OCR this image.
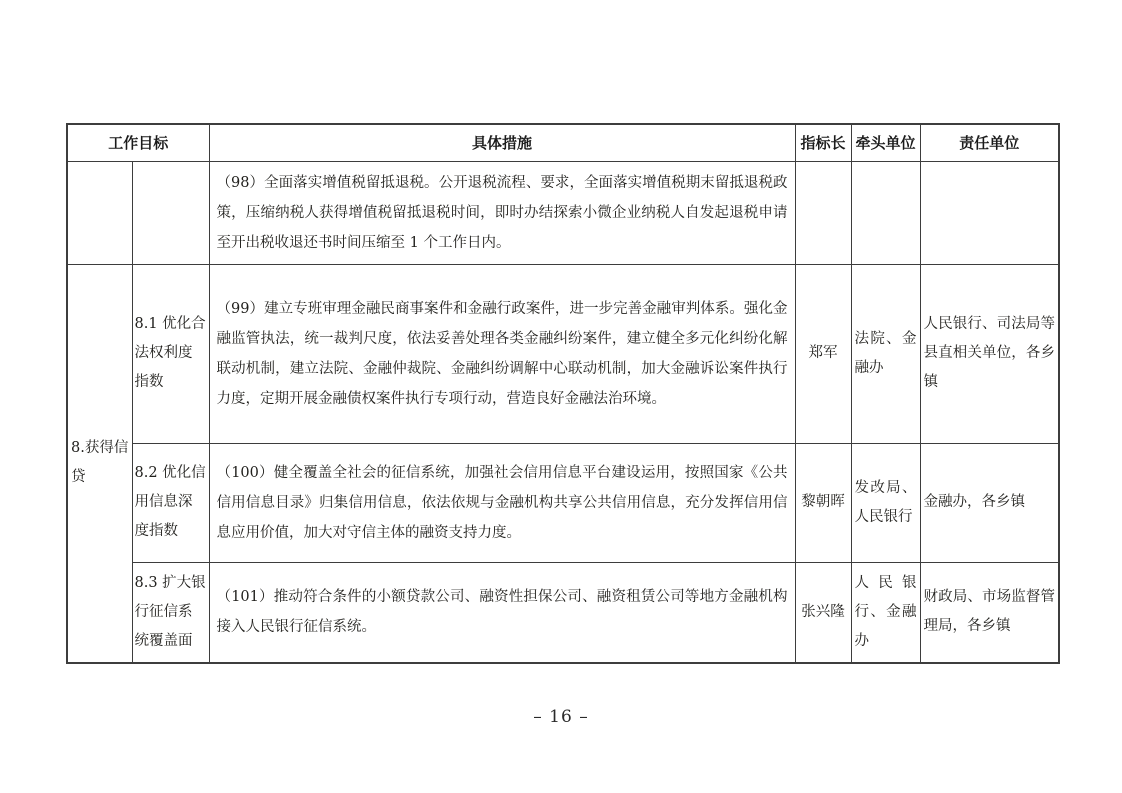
工作目标		具体措施	指标长	牵头单位	责任单位
		（98）全面落实增值税留抵退税。公开退税流程、要求，全面落实增值税期末留抵退税政策，压缩纳税人获得增值税留抵退税时间，即时办结探索小微企业纳税人自发起退税申请至开出税收退还书时间压缩至 1 个工作日内。			
8.获得信贷	8.1 优化合法权利度指数	（99）建立专班审理金融民商事案件和金融行政案件，进一步完善金融审判体系。强化金融监管执法，统一裁判尺度，依法妥善处理各类金融纠纷案件，建立健全多元化纠纷化解联动机制，建立法院、金融仲裁院、金融纠纷调解中心联动机制，加大金融诉讼案件执行力度，定期开展金融债权案件执行专项行动，营造良好金融法治环境。	郑军	法院、金融办	人民银行、司法局等县直相关单位，各乡镇
	8.2 优化信用信息深度指数	（100）健全覆盖全社会的征信系统，加强社会信用信息平台建设运用，按照国家《公共信用信息目录》归集信用信息，依法依规与金融机构共享公共信用信息，充分发挥信用信息应用价值，加大对守信主体的融资支持力度。	黎朝晖	发改局、人民银行	金融办，各乡镇
	8.3 扩大银行征信系统覆盖面	（101）推动符合条件的小额贷款公司、融资性担保公司、融资租赁公司等地方金融机构接入人民银行征信系统。	张兴隆	人民银行、金融办	财政局、市场监督管理局，各乡镇
– 16 –
